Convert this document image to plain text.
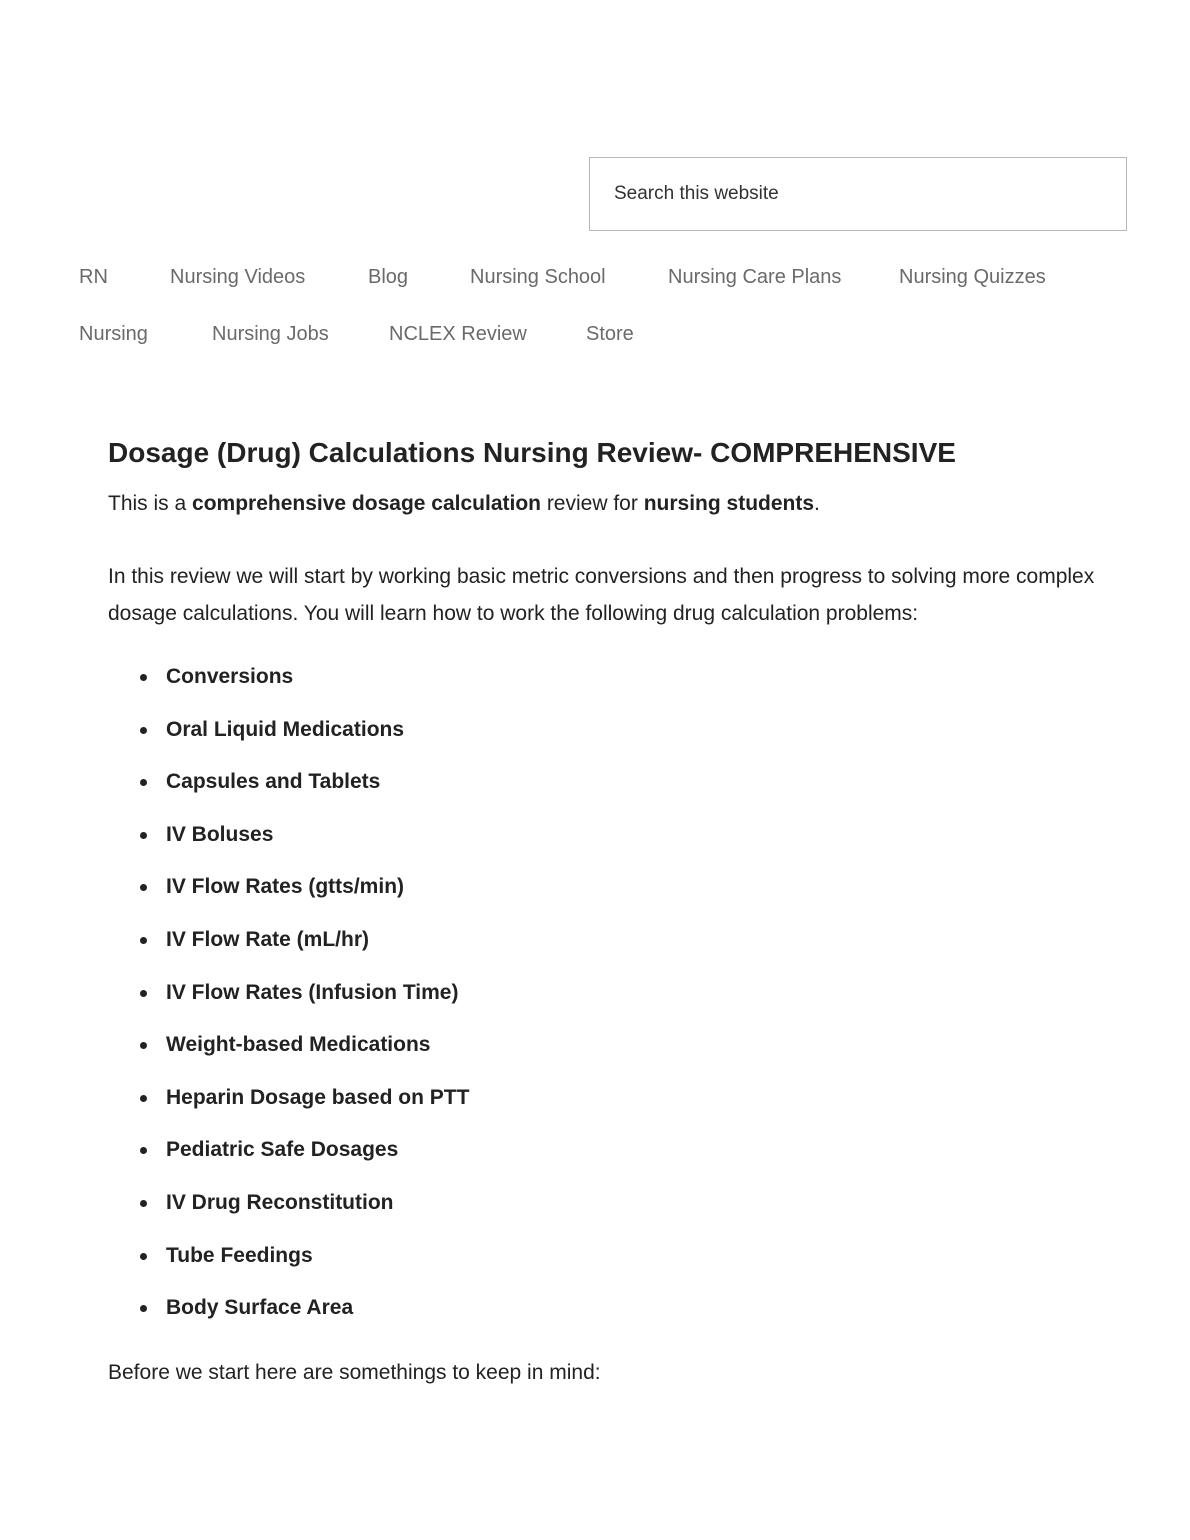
Search this website
RN	Nursing Videos	Blog	Nursing School	Nursing Care Plans	Nursing Quizzes
Nursing	Nursing Jobs	NCLEX Review	Store
Dosage (Drug) Calculations Nursing Review- COMPREHENSIVE

This is a comprehensive dosage calculation review for nursing students.

In this review we will start by working basic metric conversions and then progress to solving more complex dosage calculations. You will learn how to work the following drug calculation problems:

Conversions
Oral Liquid Medications
Capsules and Tablets
IV Boluses
IV Flow Rates (gtts/min)
IV Flow Rate (mL/hr)
IV Flow Rates (Infusion Time)
Weight-based Medications
Heparin Dosage based on PTT
Pediatric Safe Dosages
IV Drug Reconstitution
Tube Feedings
Body Surface Area

Before we start here are somethings to keep in mind:
